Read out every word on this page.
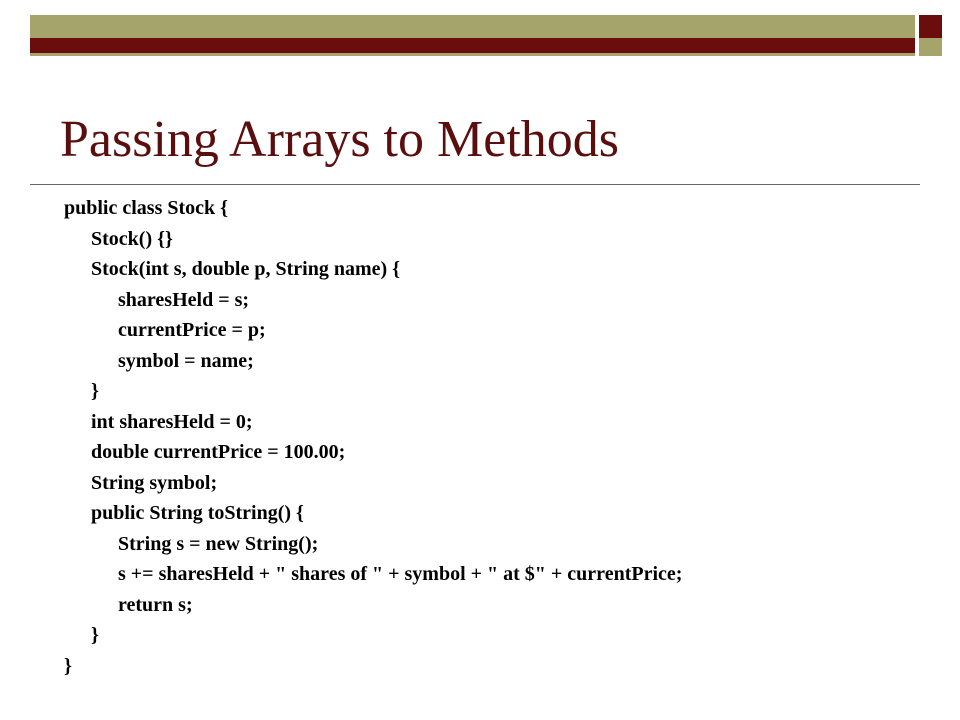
Passing Arrays to Methods
public class Stock {
Stock() {}
Stock(int s, double p, String name) {
sharesHeld = s;
currentPrice = p;
symbol = name;
}
int sharesHeld = 0;
double currentPrice = 100.00;
String symbol;
public String toString() {
String s = new String();
s += sharesHeld + " shares of " + symbol + " at $" + currentPrice;
return s;
}
}
